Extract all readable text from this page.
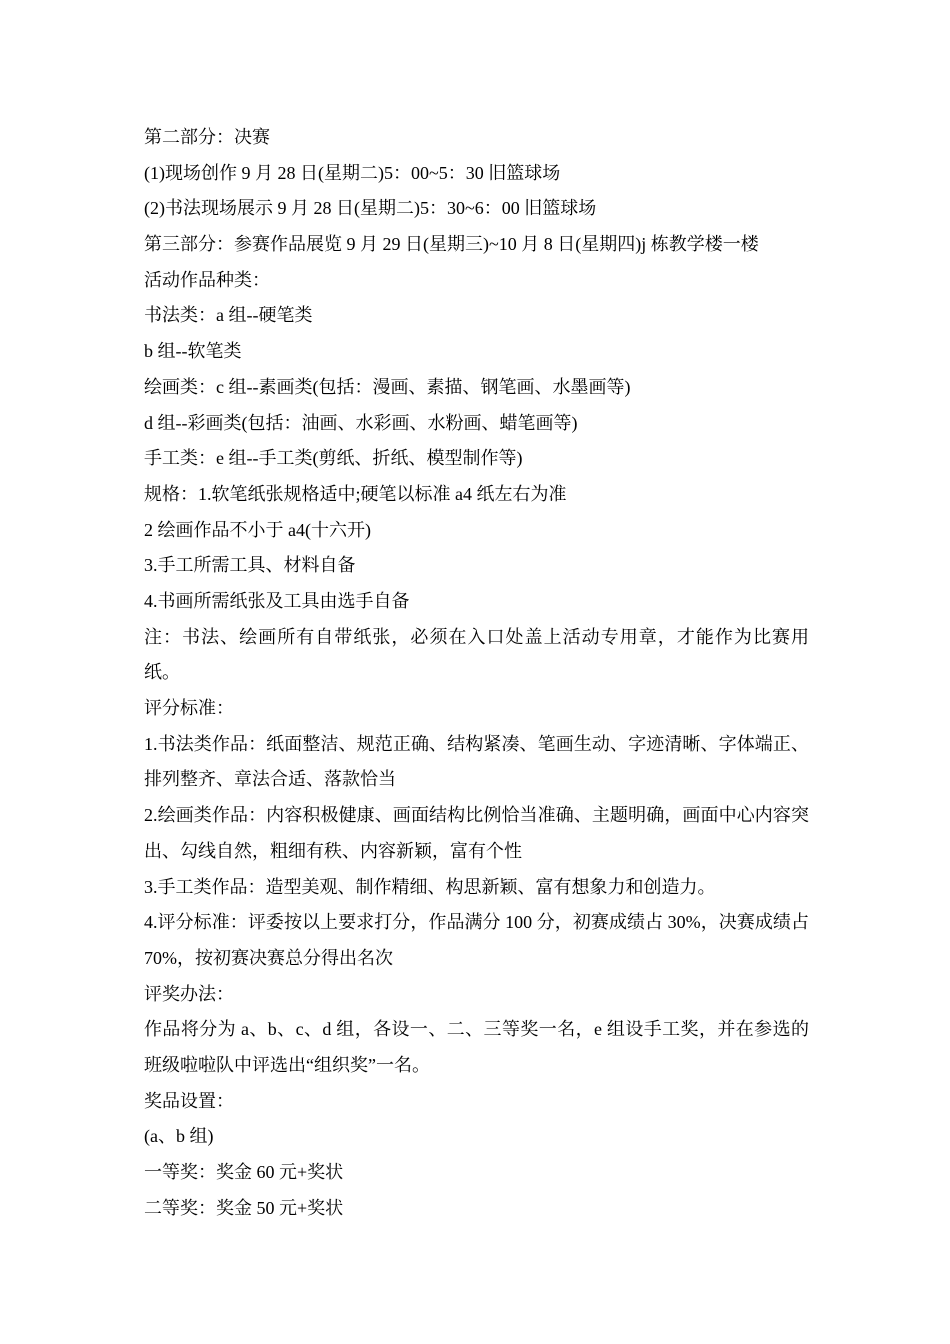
第二部分：决赛
(1)现场创作 9 月 28 日(星期二)5：00~5：30 旧篮球场
(2)书法现场展示 9 月 28 日(星期二)5：30~6：00 旧篮球场
第三部分：参赛作品展览 9 月 29 日(星期三)~10 月 8 日(星期四)j 栋教学楼一楼
活动作品种类：
书法类：a 组--硬笔类
b 组--软笔类
绘画类：c 组--素画类(包括：漫画、素描、钢笔画、水墨画等)
d 组--彩画类(包括：油画、水彩画、水粉画、蜡笔画等)
手工类：e 组--手工类(剪纸、折纸、模型制作等)
规格：1.软笔纸张规格适中;硬笔以标准 a4 纸左右为准
2 绘画作品不小于 a4(十六开)
3.手工所需工具、材料自备
4.书画所需纸张及工具由选手自备
注：书法、绘画所有自带纸张，必须在入口处盖上活动专用章，才能作为比赛用纸。
评分标准：
1.书法类作品：纸面整洁、规范正确、结构紧凑、笔画生动、字迹清晰、字体端正、排列整齐、章法合适、落款恰当
2.绘画类作品：内容积极健康、画面结构比例恰当准确、主题明确，画面中心内容突出、勾线自然，粗细有秩、内容新颖，富有个性
3.手工类作品：造型美观、制作精细、构思新颖、富有想象力和创造力。
4.评分标准：评委按以上要求打分，作品满分 100 分，初赛成绩占 30%，决赛成绩占 70%，按初赛决赛总分得出名次
评奖办法：
作品将分为 a、b、c、d 组，各设一、二、三等奖一名，e 组设手工奖，并在参选的班级啦啦队中评选出“组织奖”一名。
奖品设置：
(a、b 组)
一等奖：奖金 60 元+奖状
二等奖：奖金 50 元+奖状
